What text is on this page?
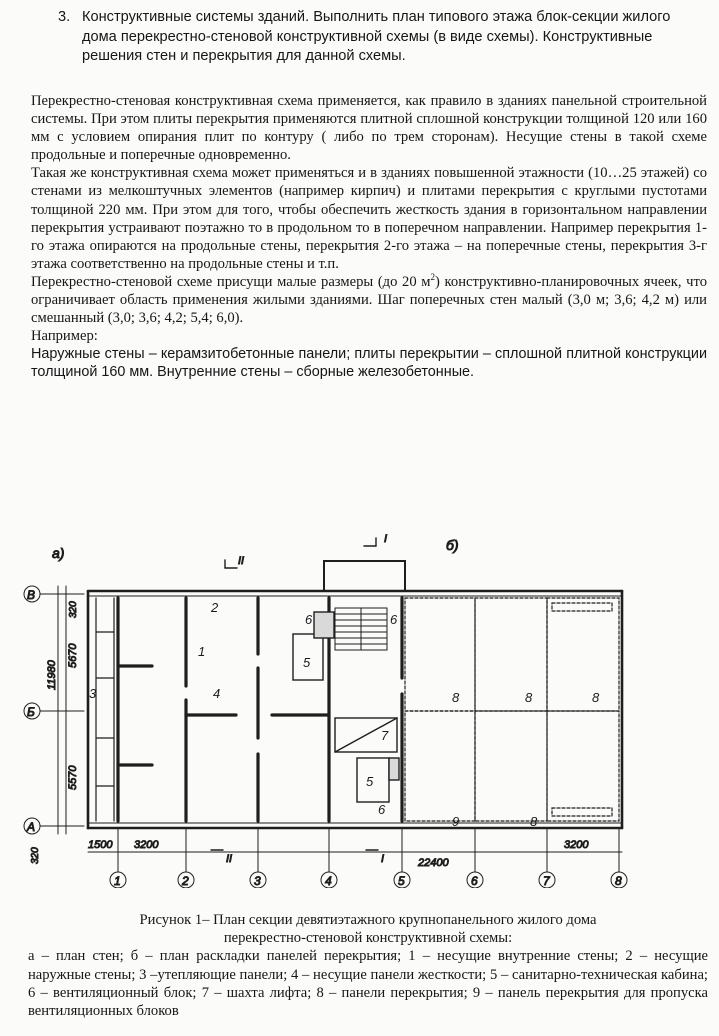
3. Конструктивные системы зданий. Выполнить план типового этажа блок-секции жилого дома перекрестно-стеновой конструктивной схемы (в виде схемы). Конструктивные решения стен и перекрытия для данной схемы.

Перекрестно-стеновая конструктивная схема применяется, как правило в зданиях панельной строительной системы. При этом плиты перекрытия применяются плитной сплошной конструкции толщиной 120 или 160 мм с условием опирания плит по контуру ( либо по трем сторонам). Несущие стены в такой схеме продольные и поперечные одновременно.

Такая же конструктивная схема может применяться и в зданиях повышенной этажности (10…25 этажей) со стенами из мелкоштучных элементов (например кирпич) и плитами перекрытия с круглыми пустотами толщиной 220 мм. При этом для того, чтобы обеспечить жесткость здания в горизонтальном направлении перекрытия устраивают поэтажно то в продольном то в поперечном направлении. Например перекрытия 1-го этажа опираются на продольные стены, перекрытия 2-го этажа – на поперечные стены, перекрытия 3-г этажа соответственно на продольные стены и т.п.

Перекрестно-стеновой схеме присущи малые размеры (до 20 $м^2$) конструктивно-планировочных ячеек, что ограничивает область применения жилыми зданиями. Шаг поперечных стен малый (3,0 м; 3,6; 4,2 м) или смешанный (3,0; 3,6; 4,2; 5,4; 6,0).

Например:

Наружные стены – керамзитобетонные панели; плиты перекрытии – сплошной плитной конструкции толщиной 160 мм. Внутренние стены – сборные железобетонные.

а)	б)
В
Б
А
11980
5670
5570
320
320
1	2	3	4	5	6	7	8
1500 3200
22400
3200
II
I
II	I
1
2
3	4
5
5
6	6
6
7
8	8	8
8
9
Рисунок 1– План секции девятиэтажного крупнопанельного жилого дома
перекрестно-стеновой конструктивной схемы:
а – план стен; б – план раскладки панелей перекрытия; 1 – несущие внутренние стены; 2 – несущие наружные стены; 3 –утепляющие панели; 4 – несущие панели жесткости; 5 – санитарно-техническая кабина; 6 – вентиляционный блок; 7 – шахта лифта; 8 – панели перекрытия; 9 – панель перекрытия для пропуска вентиляционных блоков
